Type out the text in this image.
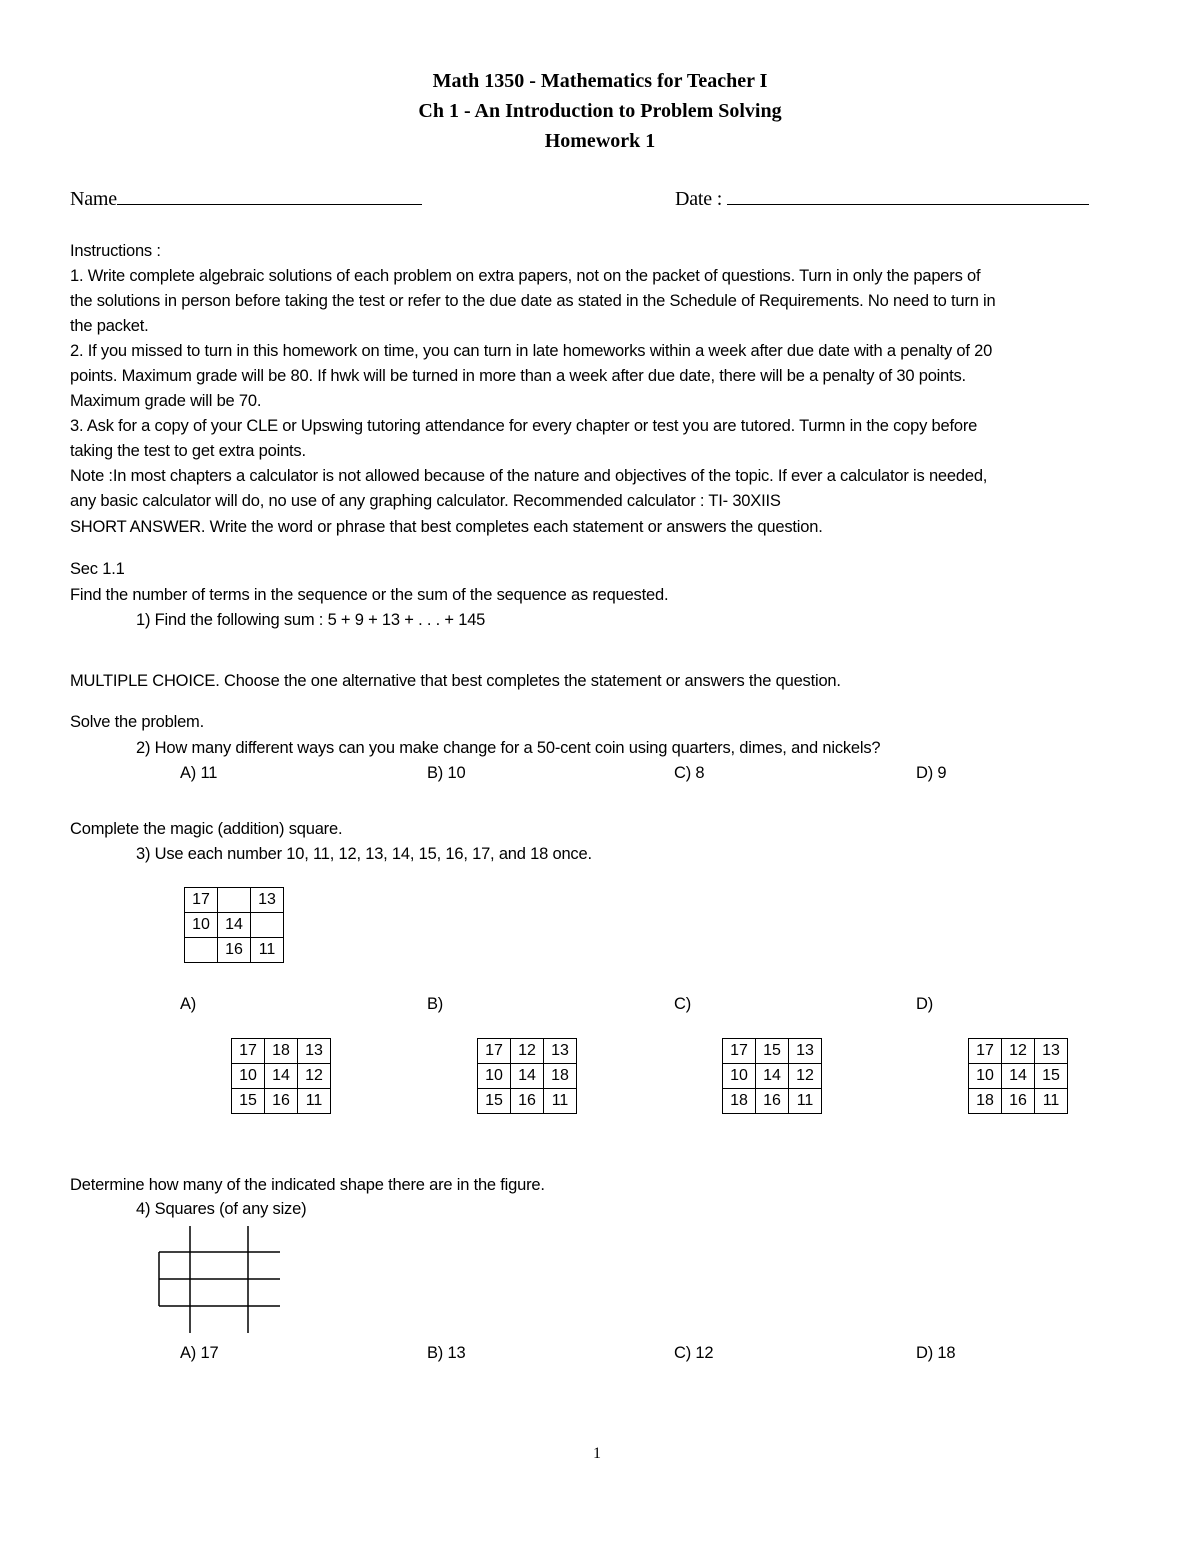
Math 1350 - Mathematics for Teacher I
Ch 1 - An Introduction to Problem Solving
Homework 1
Name	Date :
Instructions :
1. Write complete algebraic solutions of each problem on extra papers, not on the packet of questions. Turn in only the papers of
the solutions in person before taking the test or refer to the due date as stated in the Schedule of Requirements. No need to turn in
the packet.
2. If you missed to turn in this homework on time, you can turn in late homeworks within a week after due date with a penalty of 20
points. Maximum grade will be 80. If hwk will be turned in more than a week after due date, there will be a penalty of 30 points.
Maximum grade will be 70.
3. Ask for a copy of your CLE or Upswing tutoring attendance for every chapter or test you are tutored. Turmn in the copy before
taking the test to get extra points.
Note :In most chapters a calculator is not allowed because of the nature and objectives of the topic. If ever a calculator is needed,
any basic calculator will do, no use of any graphing calculator. Recommended calculator : TI- 30XIIS
SHORT ANSWER. Write the word or phrase that best completes each statement or answers the question.
Sec 1.1
Find the number of terms in the sequence or the sum of the sequence as requested.
1) Find the following sum : 5 + 9 + 13 + . . . + 145
MULTIPLE CHOICE. Choose the one alternative that best completes the statement or answers the question.
Solve the problem.
2) How many different ways can you make change for a 50-cent coin using quarters, dimes, and nickels?
A) 11	B) 10	C) 8	D) 9
Complete the magic (addition) square.
3) Use each number 10, 11, 12, 13, 14, 15, 16, 17, and 18 once.
17		13
10	14	
	16	11
A)	B)	C)	D)
17	18	13
10	14	12
15	16	11
17	12	13
10	14	18
15	16	11
17	15	13
10	14	12
18	16	11
17	12	13
10	14	15
18	16	11
Determine how many of the indicated shape there are in the figure.
4) Squares (of any size)
A) 17	B) 13	C) 12	D) 18
1
